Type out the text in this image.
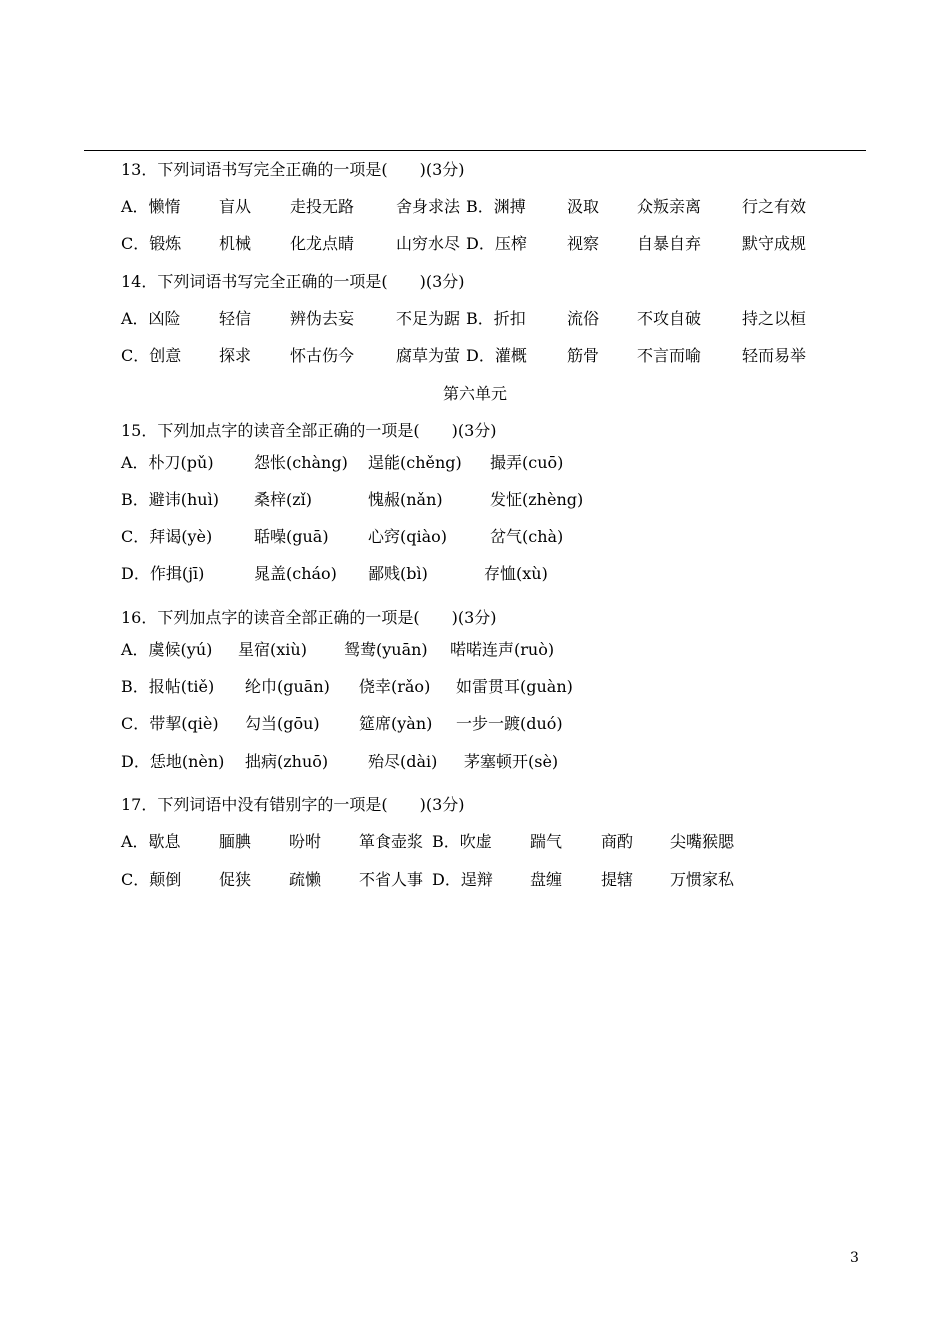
13．下列词语书写完全正确的一项是(　　)(3分)
A．懒惰 盲从 走投无路	舍身求法 B．渊搏	汲取 众叛亲离	行之有效
C．锻炼 机械 化龙点睛	山穷水尽 D．压榨	视察 自暴自弃	默守成规
14．下列词语书写完全正确的一项是(　　)(3分)
A．凶险 轻信 辨伪去妄	不足为踞 B．折扣	流俗 不攻自破	持之以桓
C．创意 探求 怀古伤今	腐草为萤 D．灌概	筋骨 不言而喻	轻而易举
第六单元
15．下列加点字的读音全部正确的一项是(　　)(3分)
A．朴刀(pǔ)	怨怅(chàng) 逞能(chěng) 撮弄(cuō)
B．避讳(huì) 桑梓(zǐ)	愧赧(nǎn)	发怔(zhèng)
C．拜谒(yè)	聒噪(guā) 心窍(qiào)	岔气(chà)
D．作揖(jī)	晁盖(cháo) 鄙贱(bì)	存恤(xù)
16．下列加点字的读音全部正确的一项是(　　)(3分)
A．虞候(yú) 星宿(xiù) 鸳鸯(yuān) 喏喏连声(ruò)
B．报帖(tiě) 纶巾(guān) 侥幸(rǎo) 如雷贯耳(guàn)
C．带挈(qiè) 勾当(gōu) 筵席(yàn) 一步一踱(duó)
D．恁地(nèn) 拙病(zhuō) 殆尽(dài) 茅塞顿开(sè)
17．下列词语中没有错别字的一项是(　　)(3分)
A．歇息 腼腆 吩咐 箪食壶浆 B．吹虚 踹气 商酌 尖嘴猴腮
C．颠倒 促狭 疏懒 不省人事 D．逞辩 盘缠 提辖 万惯家私
3
